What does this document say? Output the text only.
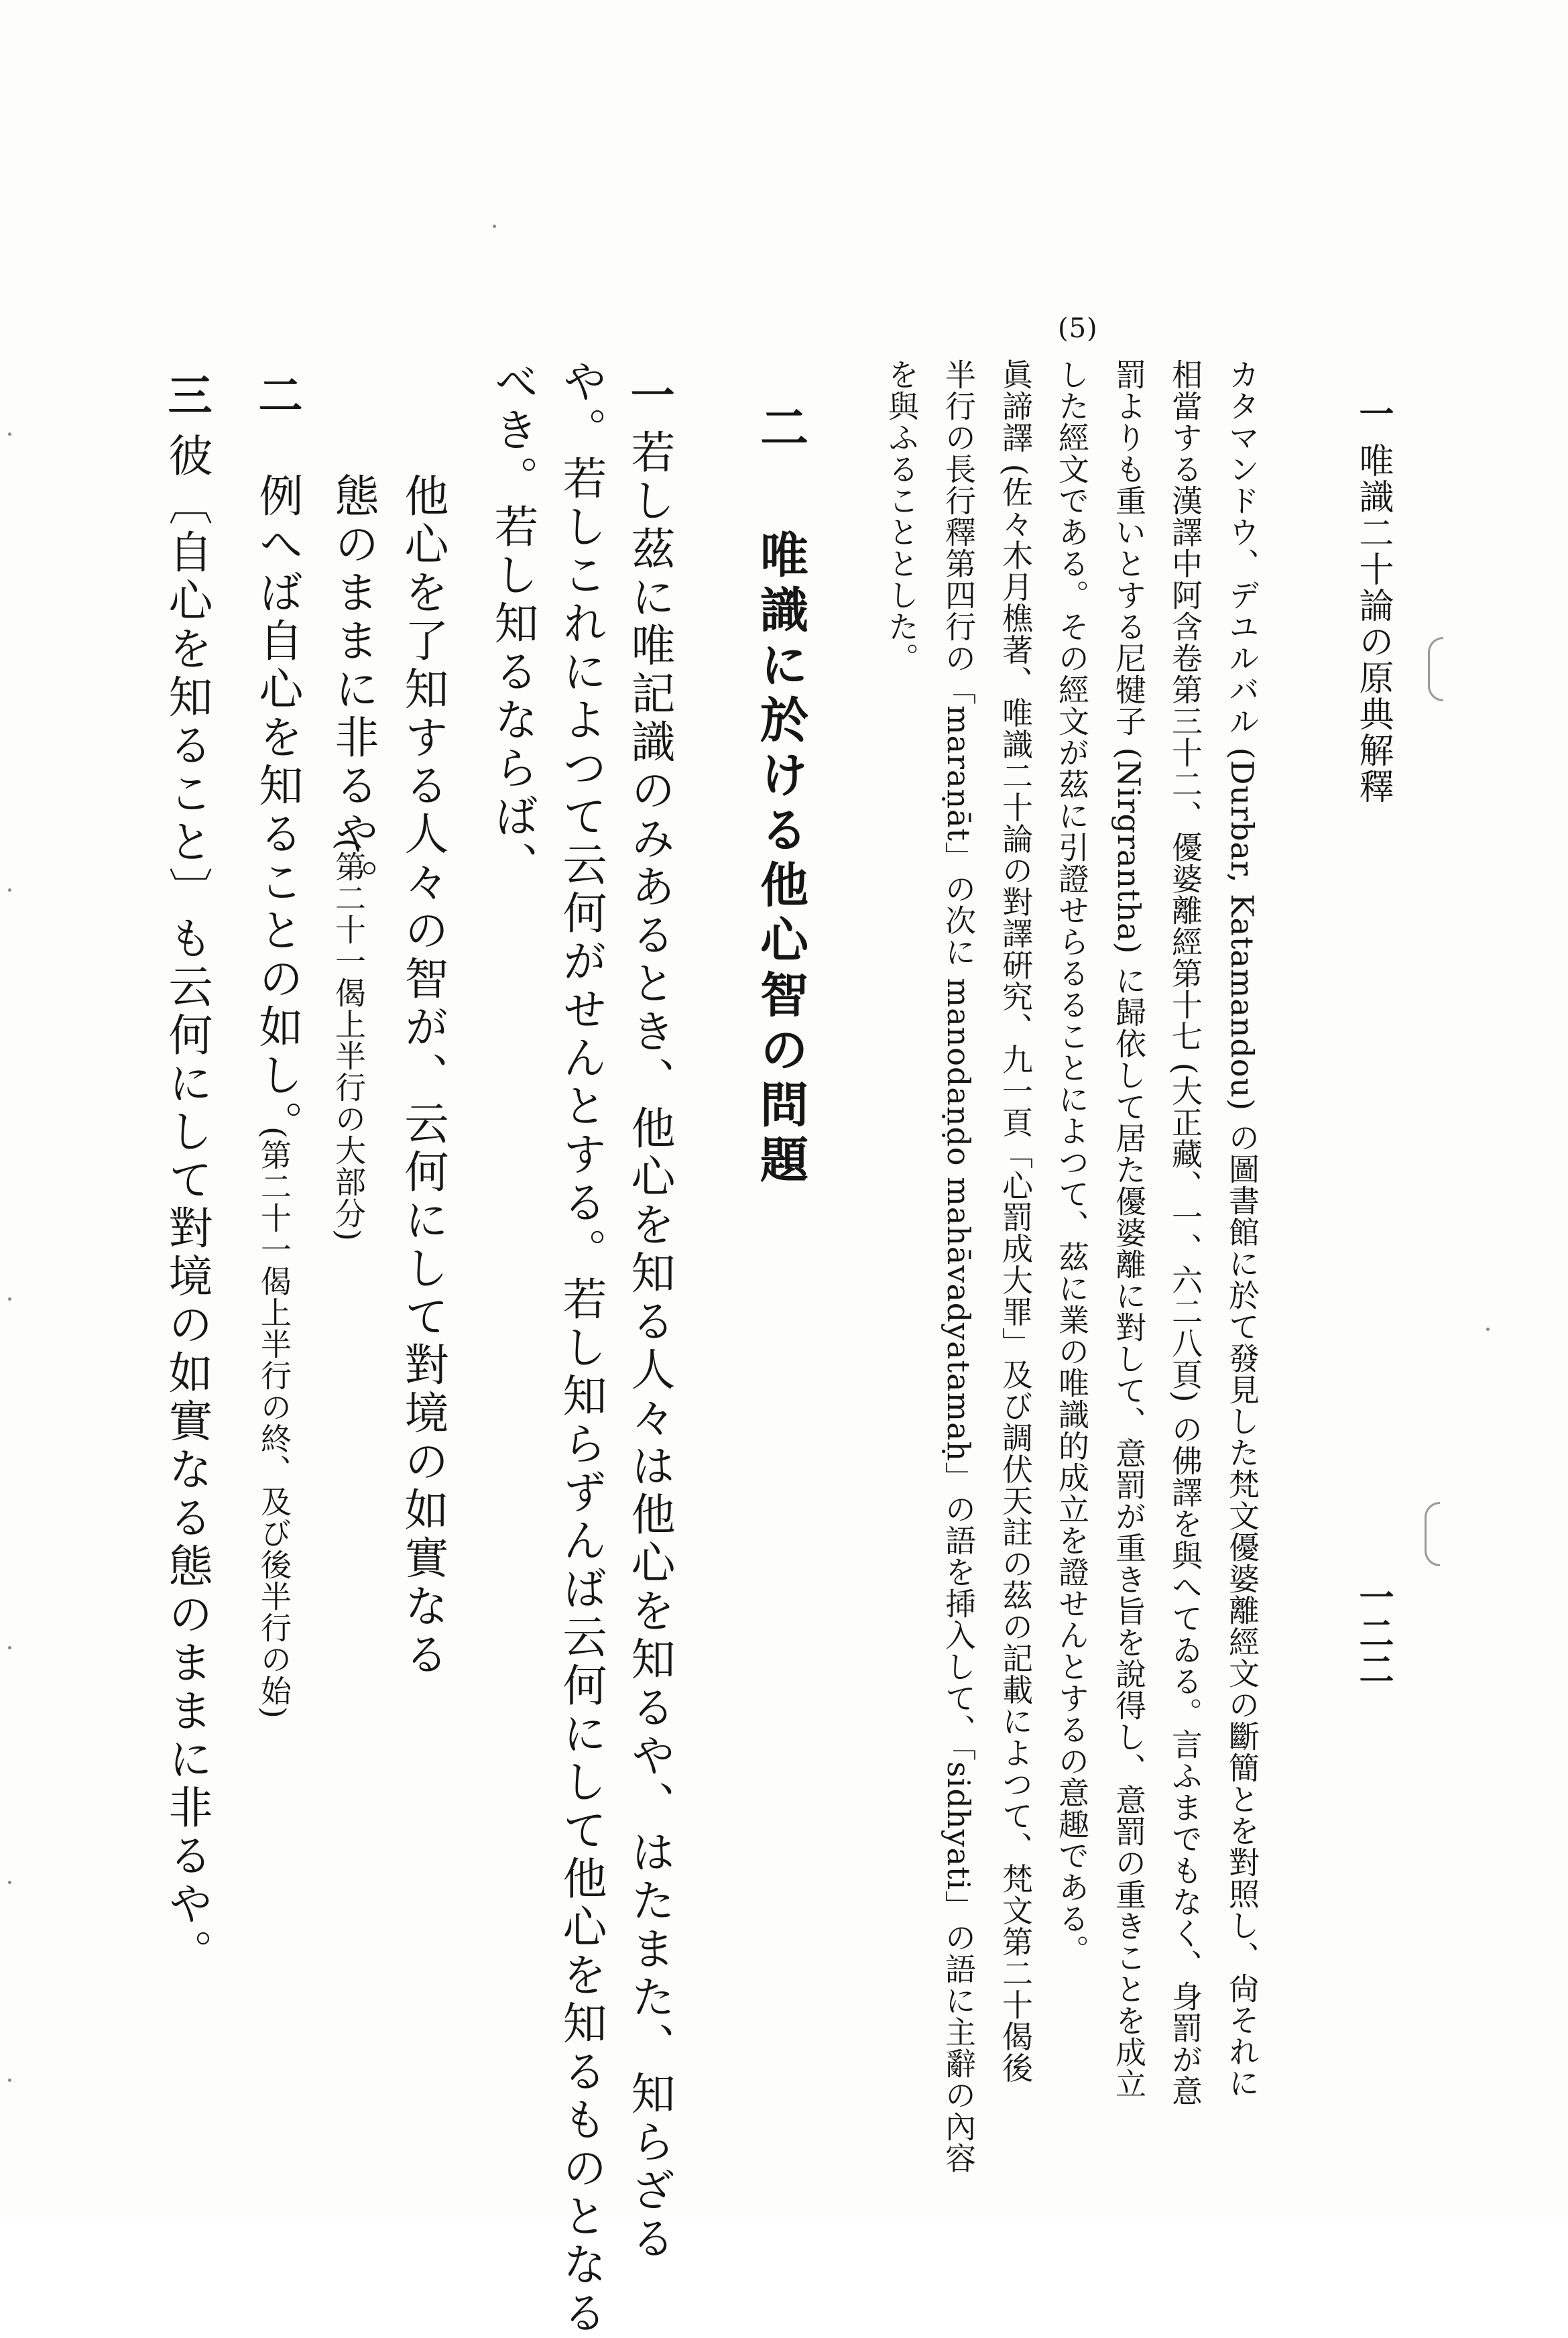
一
唯識二十論の原典解釋
一二二
カタマンドウ、デユルバル (Durbar, Katamandou) の圖書館に於て發見した梵文優婆離經文の斷簡とを對照し、尙それに
相當する漢譯中阿含卷第三十二、優婆離經第十七 (大正藏、一、六二八頁) の佛譯を與へてゐる。言ふまでもなく、身罰が意
罰よりも重いとする尼犍子 (Nirgrantha) に歸依して居た優婆離に對して、意罰が重き旨を說得し、意罰の重きことを成立
した經文である。その經文が茲に引證せらるることによつて、茲に業の唯識的成立を證せんとするの意趣である。
(5)
眞諦譯 (佐々木月樵著、唯識二十論の對譯硏究、九一頁「心罰成大罪」及び調伏天註の茲の記載によつて、梵文第二十偈後
半行の長行釋第四行の「maraṇāt」の次に manodaṇḍo mahāvadyatamaḥ」の語を揷入して、「sidhyati」の語に主辭の內容
を與ふることとした。
二
唯識に於ける他心智の問題
一
若し茲に唯記識のみあるとき、他心を知る人々は他心を知るや、はたまた、知らざる
や。若しこれによつて云何がせんとする。若し知らずんば云何にして他心を知るものとなる
べき。若し知るならば、
他心を了知する人々の智が、云何にして對境の如實なる
態のままに非るや。
(第二十一偈上半行の大部分)
二
例へば自心を知ることの如し。
(第二十一偈上半行の終、及び後半行の始)
三
彼〔自心を知ること〕も云何にして對境の如實なる態のままに非るや。
